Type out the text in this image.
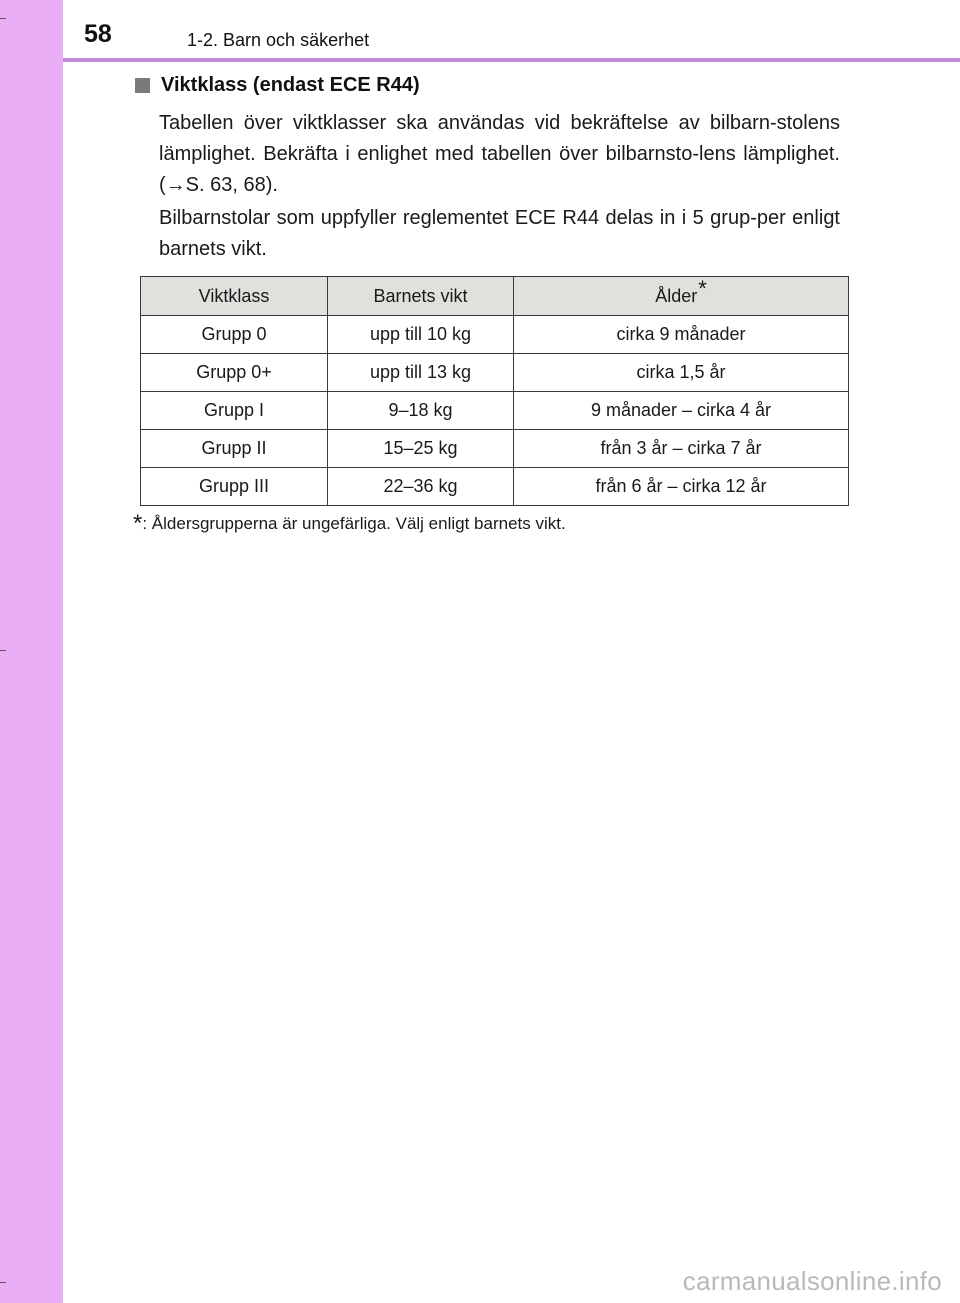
58	1-2. Barn och säkerhet
Viktklass (endast ECE R44)
Tabellen över viktklasser ska användas vid bekräftelse av bilbarn-stolens lämplighet. Bekräfta i enlighet med tabellen över bilbarnsto-lens lämplighet. (→S. 63, 68).
Bilbarnstolar som uppfyller reglementet ECE R44 delas in i 5 grup-per enligt barnets vikt.
Viktklass	Barnets vikt	Ålder*
Grupp 0	upp till 10 kg	cirka 9 månader
Grupp 0+	upp till 13 kg	cirka 1,5 år
Grupp I	9–18 kg	9 månader – cirka 4 år
Grupp II	15–25 kg	från 3 år – cirka 7 år
Grupp III	22–36 kg	från 6 år – cirka 12 år
*: Åldersgrupperna är ungefärliga. Välj enligt barnets vikt.
carmanualsonline.info
